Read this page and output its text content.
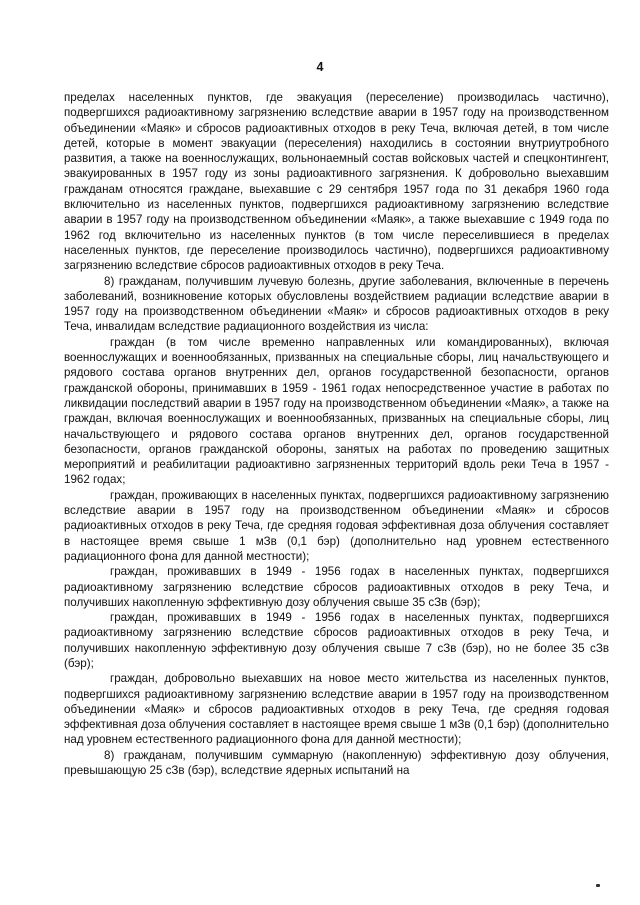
4

пределах населенных пунктов, где эвакуация (переселение) производилась частично), подвергшихся радиоактивному загрязнению вследствие аварии в 1957 году на производственном объединении «Маяк» и сбросов радиоактивных отходов в реку Теча, включая детей, в том числе детей, которые в момент эвакуации (переселения) находились в состоянии внутриутробного развития, а также на военнослужащих, вольнонаемный состав войсковых частей и спецконтингент, эвакуированных в 1957 году из зоны радиоактивного загрязнения. К добровольно выехавшим гражданам относятся граждане, выехавшие с 29 сентября 1957 года по 31 декабря 1960 года включительно из населенных пунктов, подвергшихся радиоактивному загрязнению вследствие аварии в 1957 году на производственном объединении «Маяк», а также выехавшие с 1949 года по 1962 год включительно из населенных пунктов (в том числе переселившиеся в пределах населенных пунктов, где переселение производилось частично), подвергшихся радиоактивному загрязнению вследствие сбросов радиоактивных отходов в реку Теча.

8) гражданам, получившим лучевую болезнь, другие заболевания, включенные в перечень заболеваний, возникновение которых обусловлены воздействием радиации вследствие аварии в 1957 году на производственном объединении «Маяк» и сбросов радиоактивных отходов в реку Теча, инвалидам вследствие радиационного воздействия из числа:

граждан (в том числе временно направленных или командированных), включая военнослужащих и военнообязанных, призванных на специальные сборы, лиц начальствующего и рядового состава органов внутренних дел, органов государственной безопасности, органов гражданской обороны, принимавших в 1959 - 1961 годах непосредственное участие в работах по ликвидации последствий аварии в 1957 году на производственном объединении «Маяк», а также на граждан, включая военнослужащих и военнообязанных, призванных на специальные сборы, лиц начальствующего и рядового состава органов внутренних дел, органов государственной безопасности, органов гражданской обороны, занятых на работах по проведению защитных мероприятий и реабилитации радиоактивно загрязненных территорий вдоль реки Теча в 1957 - 1962 годах;

граждан, проживающих в населенных пунктах, подвергшихся радиоактивному загрязнению вследствие аварии в 1957 году на производственном объединении «Маяк» и сбросов радиоактивных отходов в реку Теча, где средняя годовая эффективная доза облучения составляет в настоящее время свыше 1 мЗв (0,1 бэр) (дополнительно над уровнем естественного радиационного фона для данной местности);

граждан, проживавших в 1949 - 1956 годах в населенных пунктах, подвергшихся радиоактивному загрязнению вследствие сбросов радиоактивных отходов в реку Теча, и получивших накопленную эффективную дозу облучения свыше 35 сЗв (бэр);

граждан, проживавших в 1949 - 1956 годах в населенных пунктах, подвергшихся радиоактивному загрязнению вследствие сбросов радиоактивных отходов в реку Теча, и получивших накопленную эффективную дозу облучения свыше 7 сЗв (бэр), но не более 35 сЗв (бэр);

граждан, добровольно выехавших на новое место жительства из населенных пунктов, подвергшихся радиоактивному загрязнению вследствие аварии в 1957 году на производственном объединении «Маяк» и сбросов радиоактивных отходов в реку Теча, где средняя годовая эффективная доза облучения составляет в настоящее время свыше 1 мЗв (0,1 бэр) (дополнительно над уровнем естественного радиационного фона для данной местности);

8) гражданам, получившим суммарную (накопленную) эффективную дозу облучения, превышающую 25 сЗв (бэр), вследствие ядерных испытаний на
